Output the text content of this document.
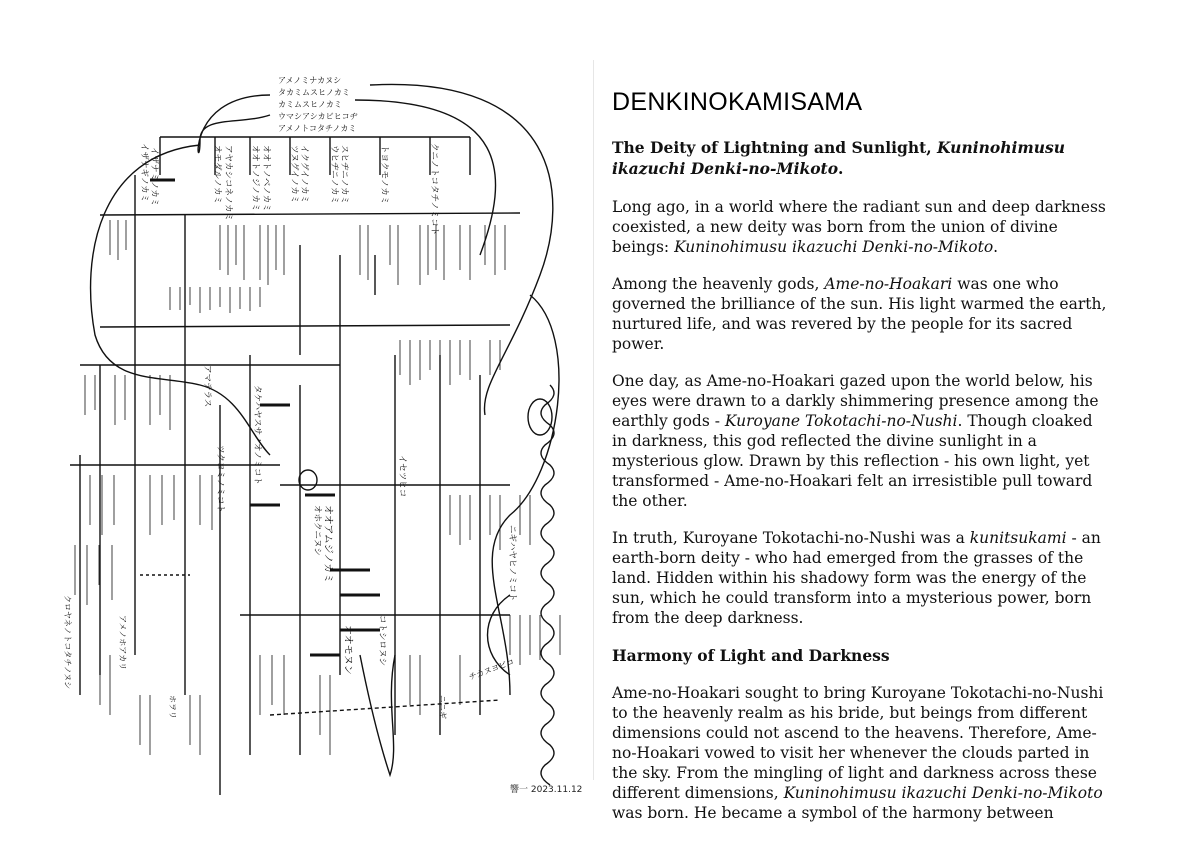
アメノミナカヌシ
タカミムスヒノカミ
カミムスヒノカミ
ウマシアシカビヒコヂ
アメノトコタチノカミ
イザナギノカミ イザナミノカミ	オモダルノカミ アヤカシコネノカミ オオトノジノカミ オオトノベノカミ ツヌグイノカミ イクグイノカミ ウヒヂニノカミ スヒヂニノカミ	トヨクモノカミ	クニノトコタチノミコト
アマテラス
ツクヨミノミコト	タケハヤスサノオノミコト
オホクニヌシ
コトシロヌシ
イセツヒコ
ニギハヤヒノミコト
オオアムジノカミ
オオモヌン
クロヤネノトコタチノヌシ	アメノホアカリ	チカヌヨビコ
ニニギ
ホヲリ
響一 2023.11.12
DENKINOKAMISAMA

The Deity of Lightning and Sunlight, Kuninohimusu ikazuchi Denki-no-Mikoto.

Long ago, in a world where the radiant sun and deep darkness coexisted, a new deity was born from the union of divine beings: Kuninohimusu ikazuchi Denki-no-Mikoto.

Among the heavenly gods, Ame-no-Hoakari was one who governed the brilliance of the sun. His light warmed the earth, nurtured life, and was revered by the people for its sacred power.

One day, as Ame-no-Hoakari gazed upon the world below, his eyes were drawn to a darkly shimmering presence among the earthly gods - Kuroyane Tokotachi-no-Nushi. Though cloaked in darkness, this god reflected the divine sunlight in a mysterious glow. Drawn by this reflection - his own light, yet transformed - Ame-no-Hoakari felt an irresistible pull toward the other.

In truth, Kuroyane Tokotachi-no-Nushi was a kunitsukami - an earth-born deity - who had emerged from the grasses of the land. Hidden within his shadowy form was the energy of the sun, which he could transform into a mysterious power, born from the deep darkness.

Harmony of Light and Darkness

Ame-no-Hoakari sought to bring Kuroyane Tokotachi-no-Nushi to the heavenly realm as his bride, but beings from different dimensions could not ascend to the heavens. Therefore, Ame-no-Hoakari vowed to visit her whenever the clouds parted in the sky. From the mingling of light and darkness across these different dimensions, Kuninohimusu ikazuchi Denki-no-Mikoto was born. He became a symbol of the harmony between
